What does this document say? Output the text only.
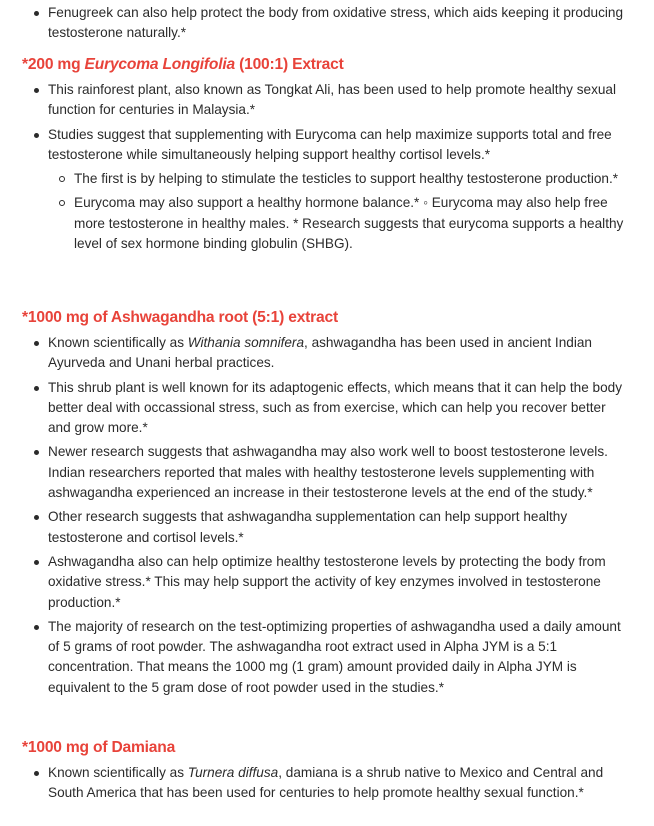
Fenugreek can also help protect the body from oxidative stress, which aids keeping it producing testosterone naturally.*
*200 mg Eurycoma Longifolia (100:1) Extract
This rainforest plant, also known as Tongkat Ali, has been used to help promote healthy sexual function for centuries in Malaysia.*
Studies suggest that supplementing with Eurycoma can help maximize supports total and free testosterone while simultaneously helping support healthy cortisol levels.*
The first is by helping to stimulate the testicles to support healthy testosterone production.*
Eurycoma may also support a healthy hormone balance.* ◦ Eurycoma may also help free more testosterone in healthy males. * Research suggests that eurycoma supports a healthy level of sex hormone binding globulin (SHBG).
*1000 mg of Ashwagandha root (5:1) extract
Known scientifically as Withania somnifera, ashwagandha has been used in ancient Indian Ayurveda and Unani herbal practices.
This shrub plant is well known for its adaptogenic effects, which means that it can help the body better deal with occassional stress, such as from exercise, which can help you recover better and grow more.*
Newer research suggests that ashwagandha may also work well to boost testosterone levels. Indian researchers reported that males with healthy testosterone levels supplementing with ashwagandha experienced an increase in their testosterone levels at the end of the study.*
Other research suggests that ashwagandha supplementation can help support healthy testosterone and cortisol levels.*
Ashwagandha also can help optimize healthy testosterone levels by protecting the body from oxidative stress.* This may help support the activity of key enzymes involved in testosterone production.*
The majority of research on the test-optimizing properties of ashwagandha used a daily amount of 5 grams of root powder. The ashwagandha root extract used in Alpha JYM is a 5:1 concentration. That means the 1000 mg (1 gram) amount provided daily in Alpha JYM is equivalent to the 5 gram dose of root powder used in the studies.*
*1000 mg of Damiana
Known scientifically as Turnera diffusa, damiana is a shrub native to Mexico and Central and South America that has been used for centuries to help promote healthy sexual function.*
